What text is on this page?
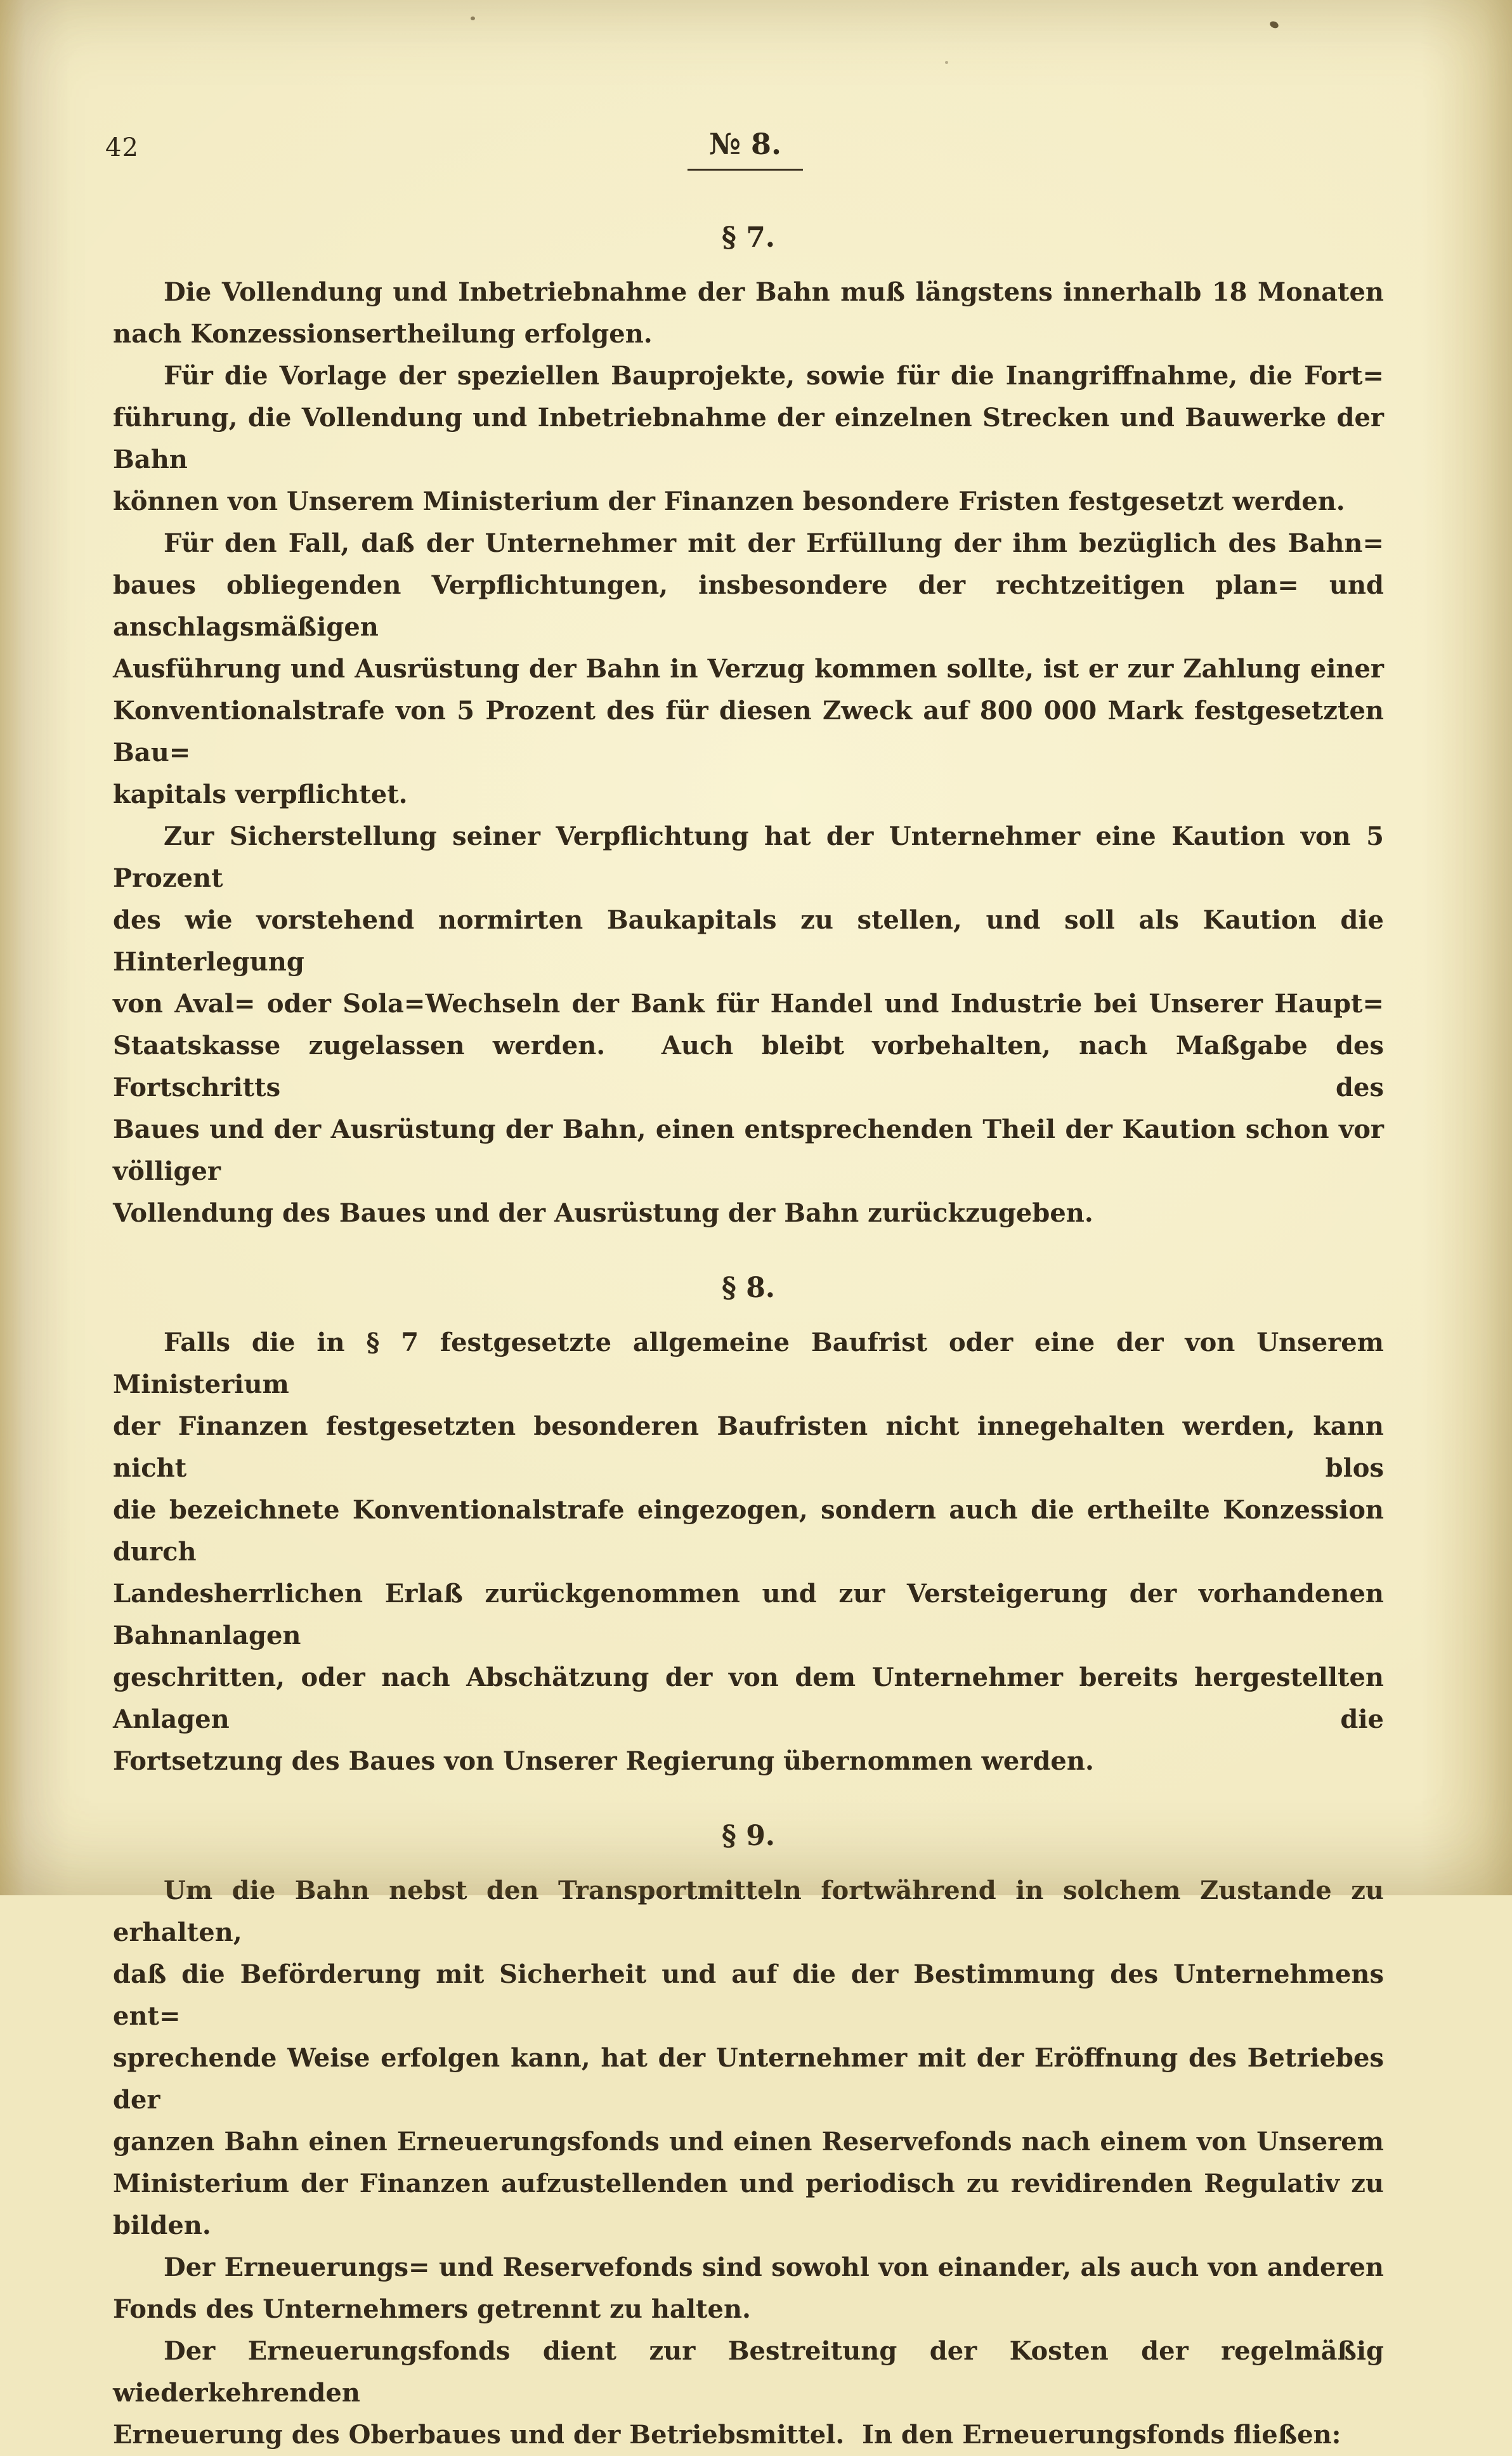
42	№ 8.
§ 7.
Die Vollendung und Inbetriebnahme der Bahn muß längstens innerhalb 18 Monaten
nach Konzessionsertheilung erfolgen.
Für die Vorlage der speziellen Bauprojekte, sowie für die Inangriffnahme, die Fort=
führung, die Vollendung und Inbetriebnahme der einzelnen Strecken und Bauwerke der Bahn
können von Unserem Ministerium der Finanzen besondere Fristen festgesetzt werden.
Für den Fall, daß der Unternehmer mit der Erfüllung der ihm bezüglich des Bahn=
baues obliegenden Verpflichtungen, insbesondere der rechtzeitigen plan= und anschlagsmäßigen
Ausführung und Ausrüstung der Bahn in Verzug kommen sollte, ist er zur Zahlung einer
Konventionalstrafe von 5 Prozent des für diesen Zweck auf 800 000 Mark festgesetzten Bau=
kapitals verpflichtet.
Zur Sicherstellung seiner Verpflichtung hat der Unternehmer eine Kaution von 5 Prozent
des wie vorstehend normirten Baukapitals zu stellen, und soll als Kaution die Hinterlegung
von Aval= oder Sola=Wechseln der Bank für Handel und Industrie bei Unserer Haupt=
Staatskasse zugelassen werden.  Auch bleibt vorbehalten, nach Maßgabe des Fortschritts des
Baues und der Ausrüstung der Bahn, einen entsprechenden Theil der Kaution schon vor völliger
Vollendung des Baues und der Ausrüstung der Bahn zurückzugeben.
§ 8.
Falls die in § 7 festgesetzte allgemeine Baufrist oder eine der von Unserem Ministerium
der Finanzen festgesetzten besonderen Baufristen nicht innegehalten werden, kann nicht blos
die bezeichnete Konventionalstrafe eingezogen, sondern auch die ertheilte Konzession durch
Landesherrlichen Erlaß zurückgenommen und zur Versteigerung der vorhandenen Bahnanlagen
geschritten, oder nach Abschätzung der von dem Unternehmer bereits hergestellten Anlagen die
Fortsetzung des Baues von Unserer Regierung übernommen werden.
§ 9.
Um die Bahn nebst den Transportmitteln fortwährend in solchem Zustande zu erhalten,
daß die Beförderung mit Sicherheit und auf die der Bestimmung des Unternehmens ent=
sprechende Weise erfolgen kann, hat der Unternehmer mit der Eröffnung des Betriebes der
ganzen Bahn einen Erneuerungsfonds und einen Reservefonds nach einem von Unserem
Ministerium der Finanzen aufzustellenden und periodisch zu revidirenden Regulativ zu bilden.
Der Erneuerungs= und Reservefonds sind sowohl von einander, als auch von anderen
Fonds des Unternehmers getrennt zu halten.
Der Erneuerungsfonds dient zur Bestreitung der Kosten der regelmäßig wiederkehrenden
Erneuerung des Oberbaues und der Betriebsmittel.  In den Erneuerungsfonds fließen:
